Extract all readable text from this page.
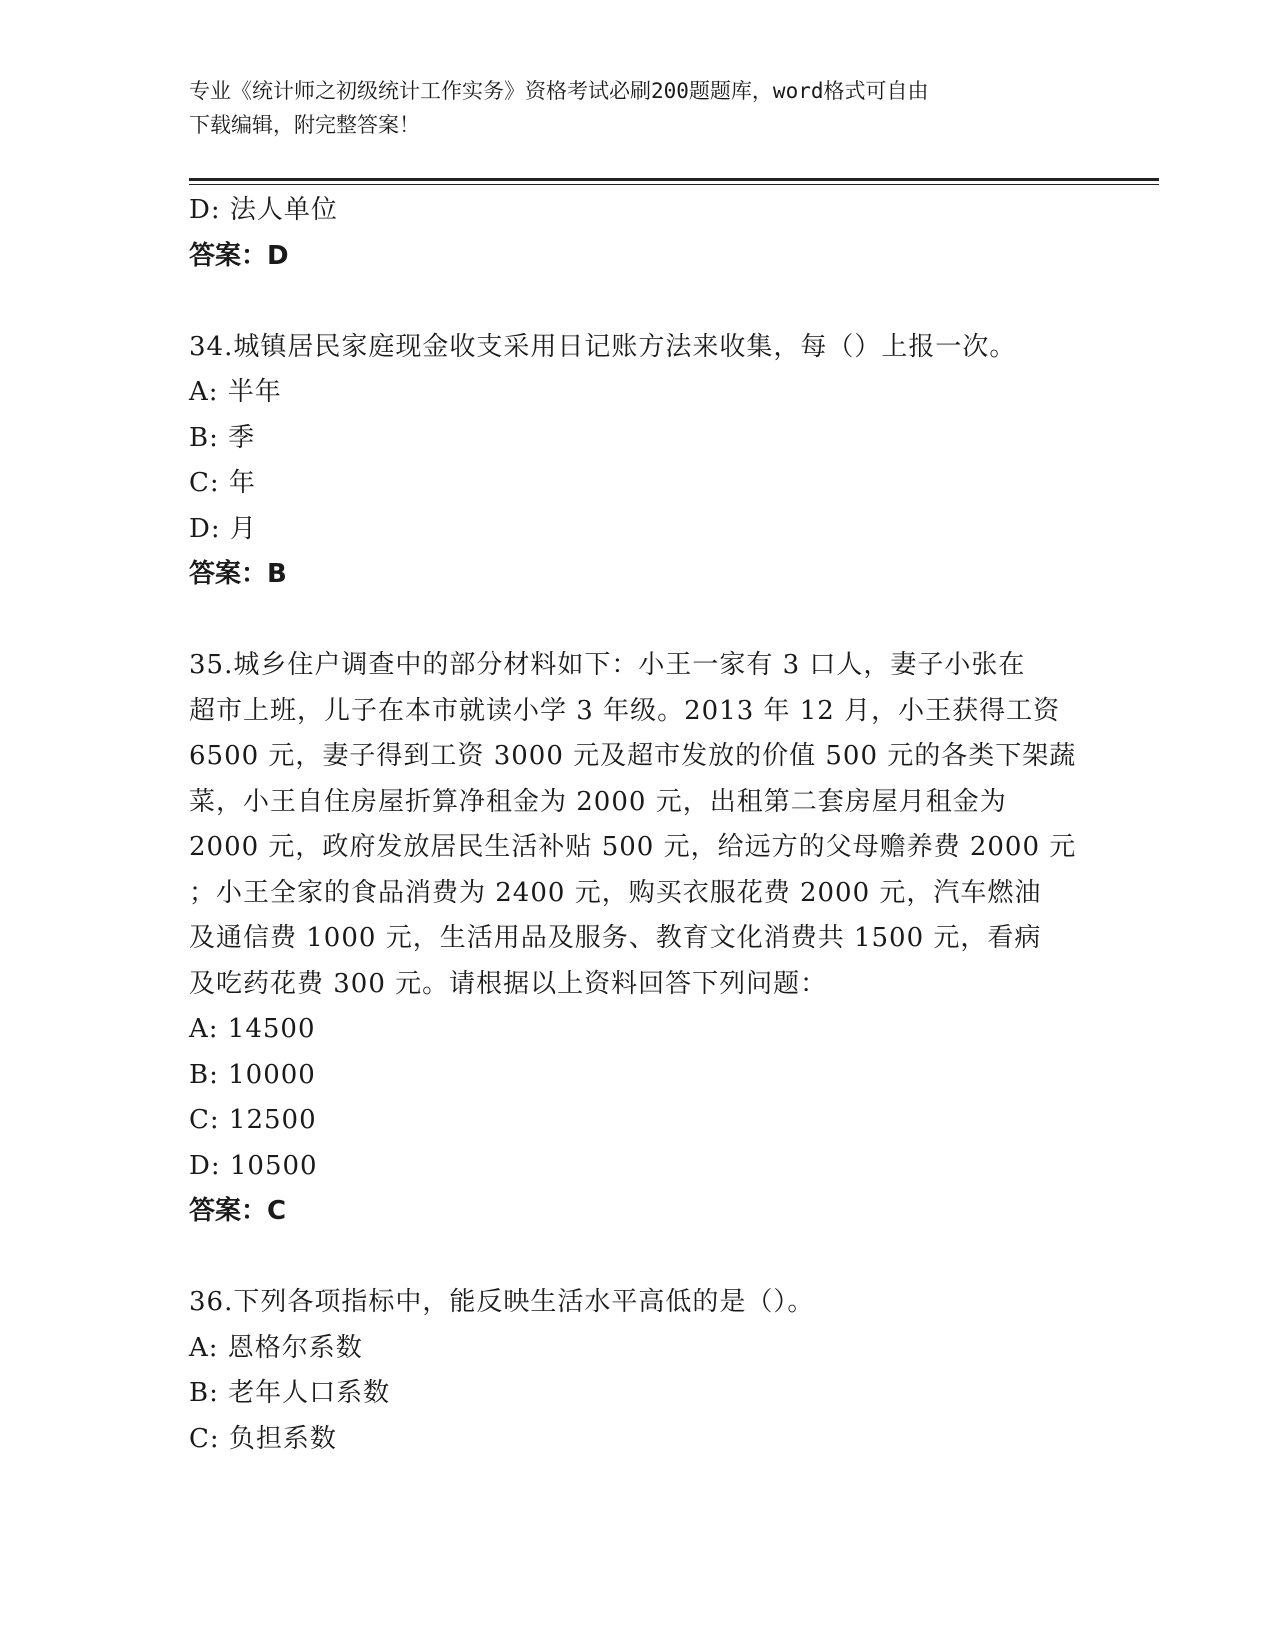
专业《统计师之初级统计工作实务》资格考试必刷200题题库，word格式可自由
下载编辑，附完整答案！
D: 法人单位
答案：D
34.城镇居民家庭现金收支采用日记账方法来收集，每（）上报一次。
A: 半年
B: 季
C: 年
D: 月
答案：B
35.城乡住户调查中的部分材料如下：小王一家有 3 口人，妻子小张在
超市上班，儿子在本市就读小学 3 年级。2013 年 12 月，小王获得工资
6500 元，妻子得到工资 3000 元及超市发放的价值 500 元的各类下架蔬
菜，小王自住房屋折算净租金为 2000 元，出租第二套房屋月租金为
2000 元，政府发放居民生活补贴 500 元，给远方的父母赡养费 2000 元
；小王全家的食品消费为 2400 元，购买衣服花费 2000 元，汽车燃油
及通信费 1000 元，生活用品及服务、教育文化消费共 1500 元，看病
及吃药花费 300 元。请根据以上资料回答下列问题：
A: 14500
B: 10000
C: 12500
D: 10500
答案：C
36.下列各项指标中，能反映生活水平高低的是（）。
A: 恩格尔系数
B: 老年人口系数
C: 负担系数
